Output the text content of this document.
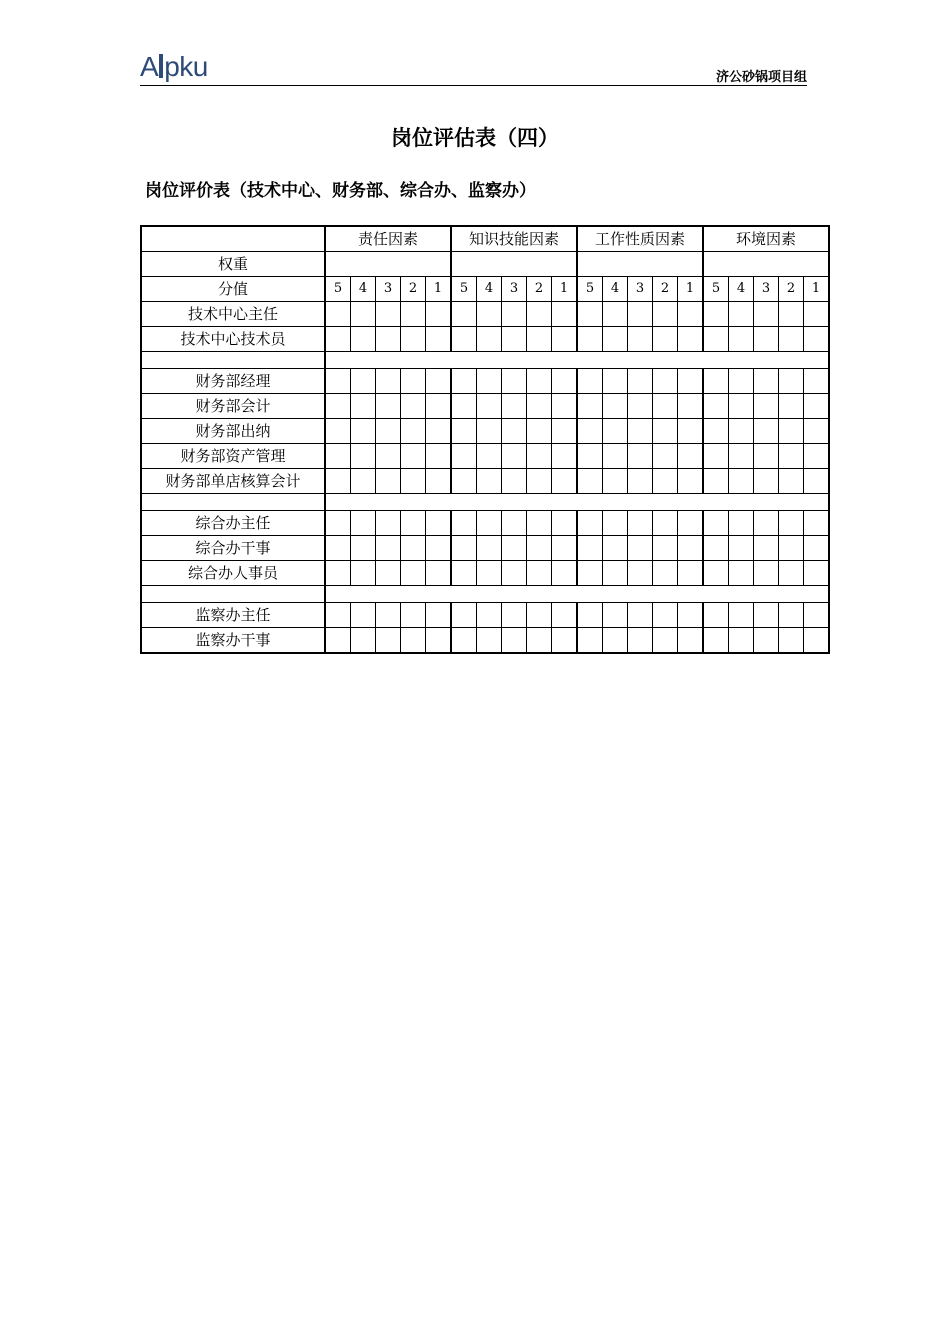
A pku	济公砂锅项目组
岗位评估表（四）
岗位评价表（技术中心、财务部、综合办、监察办）
	责任因素					知识技能因素					工作性质因素					环境因素				
权重																				
分值	5	4	3	2	1	5	4	3	2	1	5	4	3	2	1	5	4	3	2	1
技术中心主任																				
技术中心技术员																				

财务部经理																				
财务部会计																				
财务部出纳																				
财务部资产管理																				
财务部单店核算会计																				

综合办主任																				
综合办干事																				
综合办人事员																				

监察办主任																				
监察办干事																				
